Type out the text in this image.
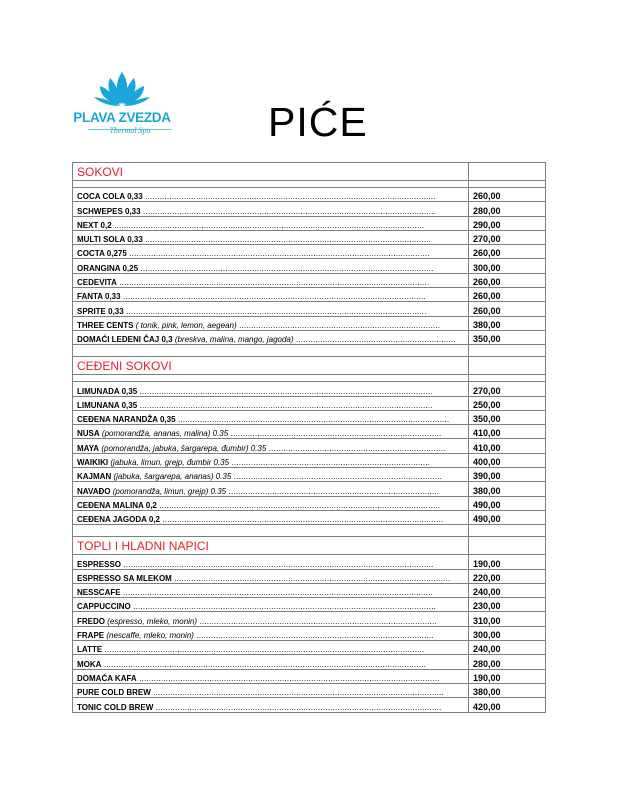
PLAVA ZVEZDA
Thermal Spa	PIĆE
SOKOVI	

COCA COLA 0,33 ........................................................................................................................	260,00
SCHWEPES 0,33 .........................................................................................................................	280,00
NEXT 0,2 ................................................................................................................................	290,00
MULTI SOLA 0,33 ......................................................................................................................	270,00
COCTA 0,275 ............................................................................................................................	260,00
ORANGINA 0,25 .........................................................................................................................	300,00
CEDEVITA ................................................................................................................................	260,00
FANTA 0,33 .............................................................................................................................	260,00
SPRITE 0,33 ............................................................................................................................	260,00
THREE CENTS ( tonik, pink, lemon, aegean) ...................................................................................	380,00
DOMAĆI LEDENI ČAJ 0,3 (breskva, malina, mango, jagoda) ..................................................................	350,00

CEĐENI SOKOVI	

LIMUNADA 0,35 .........................................................................................................................	270,00
LIMUNANA 0,35 .........................................................................................................................	250,00
CEĐENA NARANDŽA 0,35 ................................................................................................................	350,00
NUSA (pomorandža, ananas, malina) 0.35 .......................................................................................	410,00
MAYA (pomorandža, jabuka, šargarepa, đumbir) 0.35 .........................................................................	410,00
WAIKIKI (jabuka, limun, grejp, đumbir 0.35 ..................................................................................	400,00
KAJMAN (jabuka, šargarepa, ananas) 0.35 ......................................................................................	390,00
NAVAĐO (pomorandža, limun, grejp) 0.35 .......................................................................................	380,00
CEĐENA MALINA 0,2 ....................................................................................................................	490,00
CEĐENA JAGODA 0,2 ....................................................................................................................	490,00

TOPLI I HLADNI NAPICI	
ESPRESSO ................................................................................................................................	190,00
ESPRESSO SA MLEKOM ..................................................................................................................	220,00
NESSCAFE ................................................................................................................................	240,00
CAPPUCCINO .............................................................................................................................	230,00
FREDO (espresso, mleko, monin) ..................................................................................................	310,00
FRAPE (nescaffe, mleko, monin) ..................................................................................................	300,00
LATTE ....................................................................................................................................	240,00
MOKA .....................................................................................................................................	280,00
DOMAĆA KAFA ............................................................................................................................	190,00
PURE COLD BREW ........................................................................................................................	380,00
TONIC COLD BREW ......................................................................................................................	420,00
